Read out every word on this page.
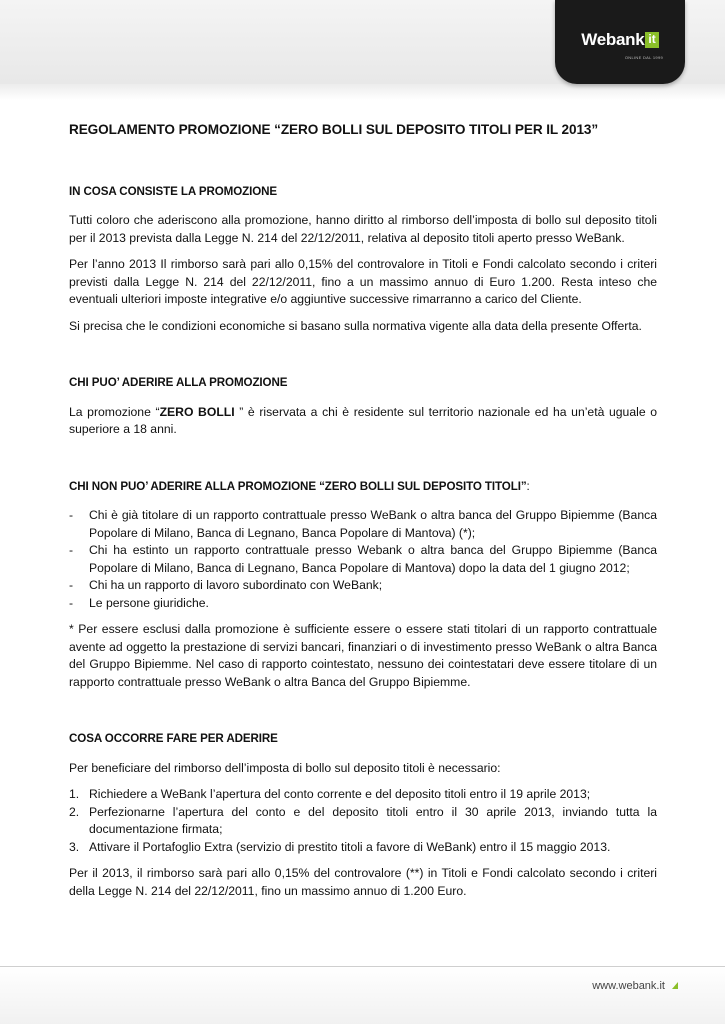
Webank it
ONLINE DAL 1999
REGOLAMENTO PROMOZIONE “ZERO BOLLI SUL DEPOSITO TITOLI PER IL 2013”
IN COSA CONSISTE LA PROMOZIONE

Tutti coloro che aderiscono alla promozione, hanno diritto al rimborso dell’imposta di bollo sul deposito titoli per il 2013 prevista dalla Legge N. 214 del 22/12/2011, relativa al deposito titoli aperto presso WeBank.

Per l’anno 2013 Il rimborso sarà pari allo 0,15% del controvalore in Titoli e Fondi calcolato secondo i criteri previsti dalla Legge N. 214 del 22/12/2011, fino a un massimo annuo di Euro 1.200. Resta inteso che eventuali ulteriori imposte integrative e/o aggiuntive successive rimarranno a carico del Cliente.

Si precisa che le condizioni economiche si basano sulla normativa vigente alla data della presente Offerta.

CHI PUO’ ADERIRE ALLA PROMOZIONE

La promozione “ZERO BOLLI ” è riservata a chi è residente sul territorio nazionale ed ha un’età uguale o superiore a 18 anni.

CHI NON PUO’ ADERIRE ALLA PROMOZIONE “ZERO BOLLI SUL DEPOSITO TITOLI”:
- Chi è già titolare di un rapporto contrattuale presso WeBank o altra banca del Gruppo Bipiemme (Banca Popolare di Milano, Banca di Legnano, Banca Popolare di Mantova) (*);
- Chi ha estinto un rapporto contrattuale presso Webank o altra banca del Gruppo Bipiemme (Banca Popolare di Milano, Banca di Legnano, Banca Popolare di Mantova) dopo la data del 1 giugno 2012;
- Chi ha un rapporto di lavoro subordinato con WeBank;
- Le persone giuridiche.

* Per essere esclusi dalla promozione è sufficiente essere o essere stati titolari di un rapporto contrattuale avente ad oggetto la prestazione di servizi bancari, finanziari o di investimento presso WeBank o altra Banca del Gruppo Bipiemme. Nel caso di rapporto cointestato, nessuno dei cointestatari deve essere titolare di un rapporto contrattuale presso WeBank o altra Banca del Gruppo Bipiemme.

COSA OCCORRE FARE PER ADERIRE

Per beneficiare del rimborso dell’imposta di bollo sul deposito titoli è necessario:

1. Richiedere a WeBank l’apertura del conto corrente e del deposito titoli entro il 19 aprile 2013;
2. Perfezionarne l’apertura del conto e del deposito titoli entro il 30 aprile 2013, inviando tutta la documentazione firmata;
3. Attivare il Portafoglio Extra (servizio di prestito titoli a favore di WeBank) entro il 15 maggio 2013.

Per il 2013, il rimborso sarà pari allo 0,15% del controvalore (**) in Titoli e Fondi calcolato secondo i criteri della Legge N. 214 del 22/12/2011, fino un massimo annuo di 1.200 Euro.

www.webank.it
